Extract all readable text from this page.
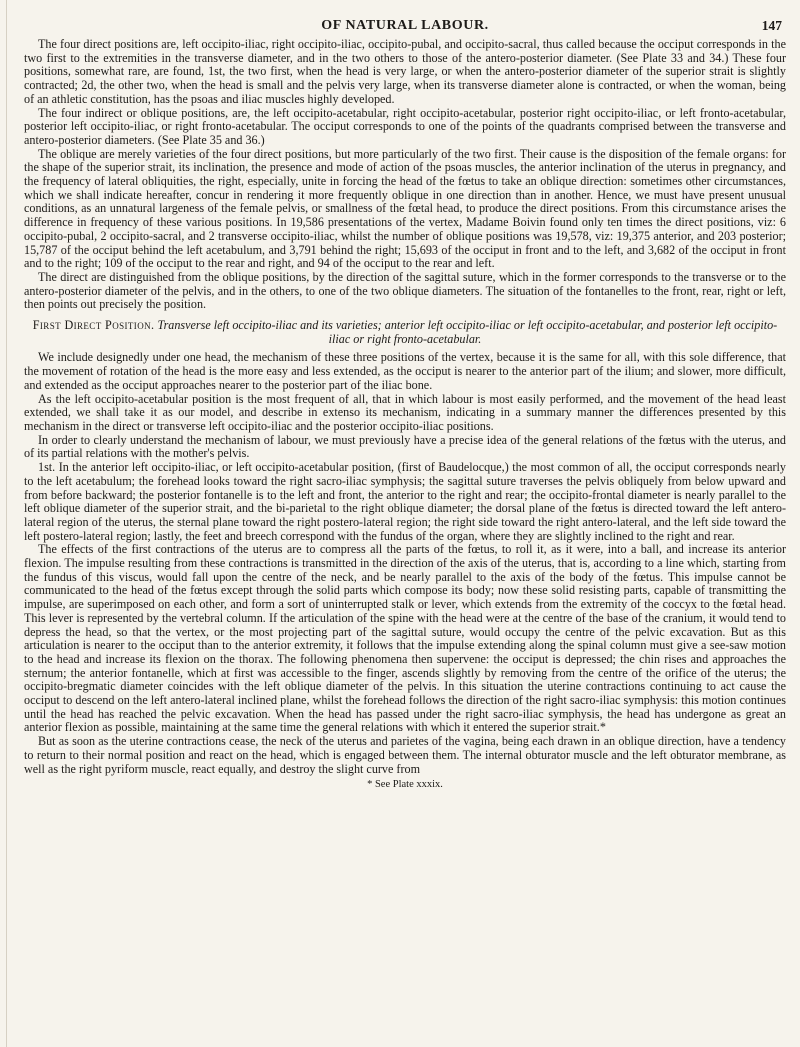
OF NATURAL LABOUR.	147

The four direct positions are, left occipito-iliac, right occipito-iliac, occipito-pubal, and occipito-sacral, thus called because the occiput corresponds in the two first to the extremities in the transverse diameter, and in the two others to those of the antero-posterior diameter. (See Plate 33 and 34.) These four positions, somewhat rare, are found, 1st, the two first, when the head is very large, or when the antero-posterior diameter of the superior strait is slightly contracted; 2d, the other two, when the head is small and the pelvis very large, when its transverse diameter alone is contracted, or when the woman, being of an athletic constitution, has the psoas and iliac muscles highly developed.

The four indirect or oblique positions, are, the left occipito-acetabular, right occipito-acetabular, posterior right occipito-iliac, or left fronto-acetabular, posterior left occipito-iliac, or right fronto-acetabular. The occiput corresponds to one of the points of the quadrants comprised between the transverse and antero-posterior diameters. (See Plate 35 and 36.)

The oblique are merely varieties of the four direct positions, but more particularly of the two first. Their cause is the disposition of the female organs: for the shape of the superior strait, its inclination, the presence and mode of action of the psoas muscles, the anterior inclination of the uterus in pregnancy, and the frequency of lateral obliquities, the right, especially, unite in forcing the head of the fœtus to take an oblique direction: sometimes other circumstances, which we shall indicate hereafter, concur in rendering it more frequently oblique in one direction than in another. Hence, we must have present unusual conditions, as an unnatural largeness of the female pelvis, or smallness of the fœtal head, to produce the direct positions. From this circumstance arises the difference in frequency of these various positions. In 19,586 presentations of the vertex, Madame Boivin found only ten times the direct positions, viz: 6 occipito-pubal, 2 occipito-sacral, and 2 transverse occipito-iliac, whilst the number of oblique positions was 19,578, viz: 19,375 anterior, and 203 posterior; 15,787 of the occiput behind the left acetabulum, and 3,791 behind the right; 15,693 of the occiput in front and to the left, and 3,682 of the occiput in front and to the right; 109 of the occiput to the rear and right, and 94 of the occiput to the rear and left.

The direct are distinguished from the oblique positions, by the direction of the sagittal suture, which in the former corresponds to the transverse or to the antero-posterior diameter of the pelvis, and in the others, to one of the two oblique diameters. The situation of the fontanelles to the front, rear, right or left, then points out precisely the position.

First Direct Position. Transverse left occipito-iliac and its varieties; anterior left occipito-iliac or left occipito-acetabular, and posterior left occipito-iliac or right fronto-acetabular.

We include designedly under one head, the mechanism of these three positions of the vertex, because it is the same for all, with this sole difference, that the movement of rotation of the head is the more easy and less extended, as the occiput is nearer to the anterior part of the ilium; and slower, more difficult, and extended as the occiput approaches nearer to the posterior part of the iliac bone.

As the left occipito-acetabular position is the most frequent of all, that in which labour is most easily performed, and the movement of the head least extended, we shall take it as our model, and describe in extenso its mechanism, indicating in a summary manner the differences presented by this mechanism in the direct or transverse left occipito-iliac and the posterior occipito-iliac positions.

In order to clearly understand the mechanism of labour, we must previously have a precise idea of the general relations of the fœtus with the uterus, and of its partial relations with the mother's pelvis.

1st. In the anterior left occipito-iliac, or left occipito-acetabular position, (first of Baudelocque,) the most common of all, the occiput corresponds nearly to the left acetabulum; the forehead looks toward the right sacro-iliac symphysis; the sagittal suture traverses the pelvis obliquely from below upward and from before backward; the posterior fontanelle is to the left and front, the anterior to the right and rear; the occipito-frontal diameter is nearly parallel to the left oblique diameter of the superior strait, and the bi-parietal to the right oblique diameter; the dorsal plane of the fœtus is directed toward the left antero-lateral region of the uterus, the sternal plane toward the right postero-lateral region; the right side toward the right antero-lateral, and the left side toward the left postero-lateral region; lastly, the feet and breech correspond with the fundus of the organ, where they are slightly inclined to the right and rear.

The effects of the first contractions of the uterus are to compress all the parts of the fœtus, to roll it, as it were, into a ball, and increase its anterior flexion. The impulse resulting from these contractions is transmitted in the direction of the axis of the uterus, that is, according to a line which, starting from the fundus of this viscus, would fall upon the centre of the neck, and be nearly parallel to the axis of the body of the fœtus. This impulse cannot be communicated to the head of the fœtus except through the solid parts which compose its body; now these solid resisting parts, capable of transmitting the impulse, are superimposed on each other, and form a sort of uninterrupted stalk or lever, which extends from the extremity of the coccyx to the fœtal head. This lever is represented by the vertebral column. If the articulation of the spine with the head were at the centre of the base of the cranium, it would tend to depress the head, so that the vertex, or the most projecting part of the sagittal suture, would occupy the centre of the pelvic excavation. But as this articulation is nearer to the occiput than to the anterior extremity, it follows that the impulse extending along the spinal column must give a see-saw motion to the head and increase its flexion on the thorax. The following phenomena then supervene: the occiput is depressed; the chin rises and approaches the sternum; the anterior fontanelle, which at first was accessible to the finger, ascends slightly by removing from the centre of the orifice of the uterus; the occipito-bregmatic diameter coincides with the left oblique diameter of the pelvis. In this situation the uterine contractions continuing to act cause the occiput to descend on the left antero-lateral inclined plane, whilst the forehead follows the direction of the right sacro-iliac symphysis: this motion continues until the head has reached the pelvic excavation. When the head has passed under the right sacro-iliac symphysis, the head has undergone as great an anterior flexion as possible, maintaining at the same time the general relations with which it entered the superior strait.*

But as soon as the uterine contractions cease, the neck of the uterus and parietes of the vagina, being each drawn in an oblique direction, have a tendency to return to their normal position and react on the head, which is engaged between them. The internal obturator muscle and the left obturator membrane, as well as the right pyriform muscle, react equally, and destroy the slight curve from

* See Plate xxxix.
